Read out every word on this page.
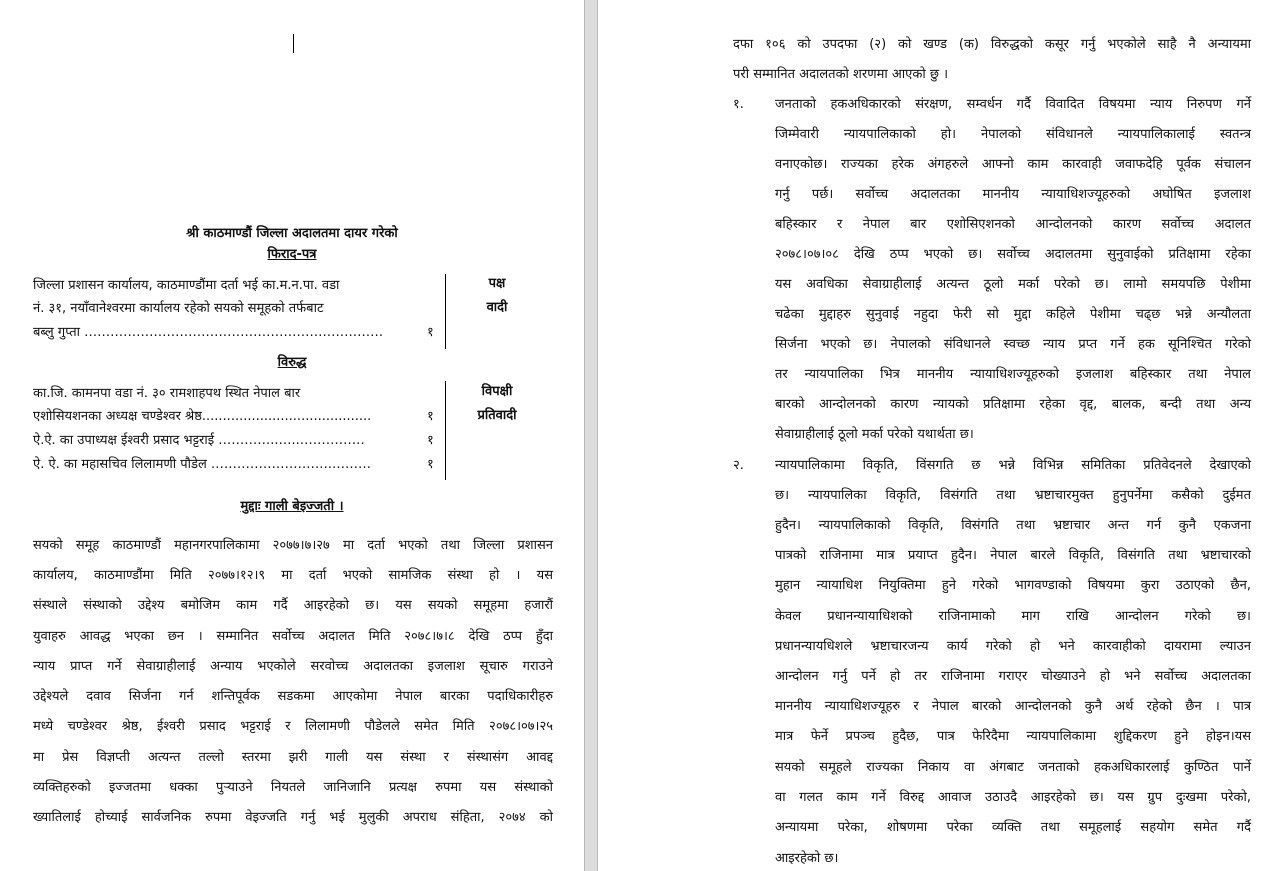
श्री काठमाण्डौं जिल्ला अदालतमा दायर गरेको
फिराद-पत्र
जिल्ला प्रशासन कार्यालय, काठमाण्डौंमा दर्ता भई का.म.न.पा. वडा
नं. ३१, नयाँवानेश्वरमा कार्यालय रहेको सयको समूहको तर्फबाट
बब्लु गुप्ता ……………………………………………………………	१
पक्ष
वादी
विरुद्ध
का.जि. कामनपा वडा नं. ३० रामशाहपथ स्थित नेपाल बार
एशोसियशनका अध्यक्ष चण्डेश्वर श्रेष्ठ.........................................	१
ऐ.ऐ. का उपाध्यक्ष ईश्वरी प्रसाद भट्टराई …………..…..……………	१
ऐ. ऐ. का महासचिव लिलामणी पौडेल ……………………….………	१
विपक्षी
प्रतिवादी
मुद्दाः गाली बेइज्जती ।
सयको समूह काठमाण्डौं महानगरपालिकामा २०७७।७।२७ मा दर्ता भएको तथा जिल्ला प्रशासन
कार्यालय, काठमाण्डौंमा मिति २०७७।१२।९ मा दर्ता भएको सामजिक संस्था हो । यस
संस्थाले संस्थाको उद्देश्य बमोजिम काम गर्दै आइरहेको छ। यस सयको समूहमा हजारौं
युवाहरु आवद्ध भएका छन । सम्मानित सर्वोच्च अदालत मिति २०७८।७।८ देखि ठप्प हुँदा
न्याय प्राप्त गर्ने सेवाग्राहीलाई अन्याय भएकोले सरवोच्च अदालतका इजलाश सूचारु गराउने
उद्देश्यले दवाव सिर्जना गर्न शन्तिपूर्वक सडकमा आएकोमा नेपाल बारका पदाधिकारीहरु
मध्ये चण्डेश्वर श्रेष्ठ, ईश्वरी प्रसाद भट्टराई र लिलामणी पौडेलले समेत मिति २०७८।०७।२५
मा प्रेस विज्ञप्ती अत्यन्त तल्लो स्तरमा झरी गाली यस संस्था र संस्थासंग आवद्द
व्यक्तिहरुको इज्जतमा धक्का पुर्‍याउने नियतले जानिजानि प्रत्यक्ष रुपमा यस संस्थाको
ख्यातिलाई होच्याई सार्वजनिक रुपमा वेइज्जति गर्नु भई मुलुकी अपराध संहिता, २०७४ को
दफा १०६ को उपदफा (२) को खण्ड (क) विरुद्धको कसूर गर्नु भएकोले साहै नै अन्यायमा
परी सम्मानित अदालतको शरणमा आएको छु ।
१. जनताको हकअधिकारको संरक्षण, सम्वर्धन गर्दै विवादित विषयमा न्याय निरुपण गर्ने
जिम्मेवारी न्यायपालिकाको हो। नेपालको संविधानले न्यायपालिकालाई स्वतन्त्र
वनाएकोछ। राज्यका हरेक अंगहरुले आफ्नो काम कारवाही जवाफदेहि पूर्वक संचालन
गर्नु पर्छ। सर्वोच्च अदालतका माननीय न्यायाधिशज्यूहरुको अघोषित इजलाश
बहिस्कार र नेपाल बार एशोसिएशनको आन्दोलनको कारण सर्वोच्च अदालत
२०७८।०७।०८ देखि ठप्प भएको छ। सर्वोच्च अदालतमा सुनुवाईको प्रतिक्षामा रहेका
यस अवधिका सेवाग्राहीलाई अत्यन्त ठूलो मर्का परेको छ। लामो समयपछि पेशीमा
चढेका मुद्दाहरु सुनुवाई नहुदा फेरी सो मुद्दा कहिले पेशीमा चढ्छ भन्ने अन्यौलता
सिर्जना भएको छ। नेपालको संविधानले स्वच्छ न्याय प्रप्त गर्ने हक सूनिश्चित गरेको
तर न्यायपालिका भित्र माननीय न्यायाधिशज्यूहरुको इजलाश बहिस्कार तथा नेपाल
बारको आन्दोलनको कारण न्यायको प्रतिक्षामा रहेका वृद्द, बालक, बन्दी तथा अन्य
सेवाग्राहीलाई ठूलो मर्का परेको यथार्थता छ।
२. न्यायपालिकामा विकृति, विंसगति छ भन्ने विभिन्न समितिका प्रतिवेदनले देखाएको
छ। न्यायपालिका विकृति, विसंगति तथा भ्रष्टाचारमुक्त हुनुपर्नेमा कसैको दुईमत
हुदैन। न्यायपालिकाको विकृति, विसंगति तथा भ्रष्टाचार अन्त गर्न कुनै एकजना
पात्रको राजिनामा मात्र प्रयाप्त हुदैन। नेपाल बारले विकृति, विसंगति तथा भ्रष्टाचारको
मुहान न्यायाधिश नियुक्तिमा हुने गरेको भागवण्डाको विषयमा कुरा उठाएको छैन,
केवल प्रधानन्यायाधिशको राजिनामाको माग राखि आन्दोलन गरेको छ।
प्रधानन्यायधिशले भ्रष्टाचारजन्य कार्य गरेको हो भने कारवाहीको दायरामा ल्याउन
आन्दोलन गर्नु पर्ने हो तर राजिनामा गराएर चोख्याउने हो भने सर्वोच्च अदालतका
माननीय न्यायाधिशज्यूहरु र नेपाल बारको आन्दोलनको कुनै अर्थ रहेको छैन । पात्र
मात्र फेर्ने प्रपञ्च हुदैछ, पात्र फेरिदैमा न्यायपालिकामा शुद्दिकरण हुने होइन।यस
सयको समूहले राज्यका निकाय वा अंगबाट जनताको हकअधिकारलाई कुण्ठित पार्ने
वा गलत काम गर्ने विरुद्द आवाज उठाउदै आइरहेको छ। यस ग्रुप दुःखमा परेको,
अन्यायमा परेका, शोषणमा परेका व्यक्ति तथा समूहलाई सहयोग समेत गर्दै
आइरहेको छ।
